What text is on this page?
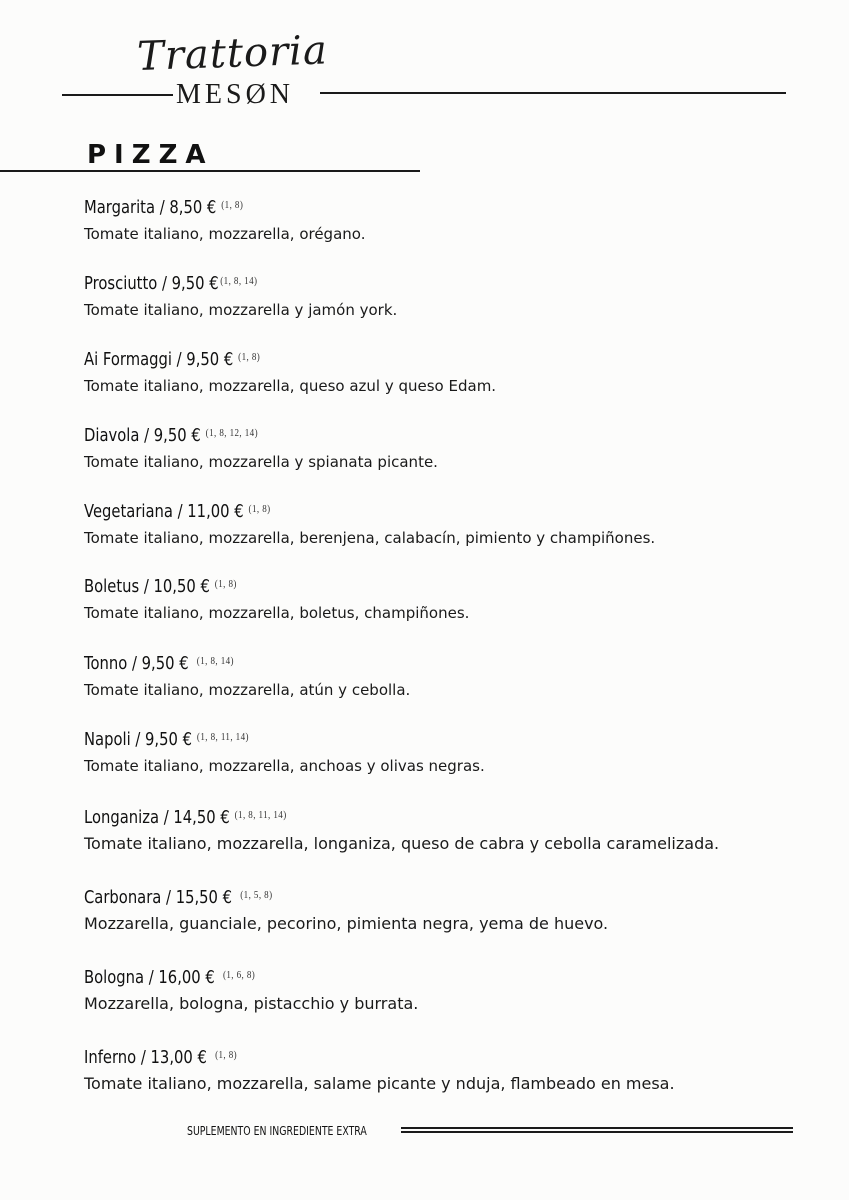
Trattoria
MESØN
PIZZA
Margarita / 8,50 € $^{(1, 8)}$
Tomate italiano, mozzarella, orégano.
Prosciutto / 9,50 € $^{(1, 8, 14)}$
Tomate italiano, mozzarella y jamón york.
Ai Formaggi / 9,50 € $^{(1, 8)}$
Tomate italiano, mozzarella, queso azul y queso Edam.
Diavola / 9,50 € $^{(1, 8, 12, 14)}$
Tomate italiano, mozzarella y spianata picante.
Vegetariana / 11,00 € $^{(1, 8)}$
Tomate italiano, mozzarella, berenjena, calabacín, pimiento y champiñones.
Boletus / 10,50 € $^{(1, 8)}$
Tomate italiano, mozzarella, boletus, champiñones.
Tonno / 9,50 € $^{(1, 8, 14)}$
Tomate italiano, mozzarella, atún y cebolla.
Napoli / 9,50 € $^{(1, 8, 11, 14)}$
Tomate italiano, mozzarella, anchoas y olivas negras.
Longaniza / 14,50 € $^{(1, 8, 11, 14)}$
Tomate italiano, mozzarella, longaniza, queso de cabra y cebolla caramelizada.
Carbonara / 15,50 € $^{(1, 5, 8)}$
Mozzarella, guanciale, pecorino, pimienta negra, yema de huevo.
Bologna / 16,00 € $^{(1, 6, 8)}$
Mozzarella, bologna, pistacchio y burrata.
Inferno / 13,00 € $^{(1, 8)}$
Tomate italiano, mozzarella, salame picante y nduja, flambeado en mesa.
SUPLEMENTO EN INGREDIENTE EXTRA
